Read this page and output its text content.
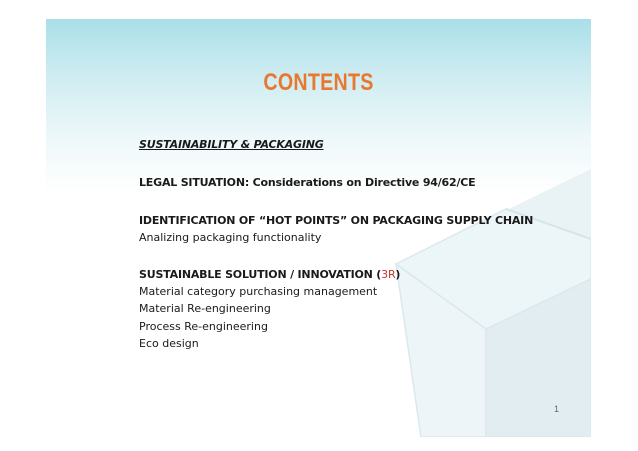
CONTENTS
SUSTAINABILITY & PACKAGING
LEGAL SITUATION: Considerations on Directive 94/62/CE
IDENTIFICATION OF “HOT POINTS” ON PACKAGING SUPPLY CHAIN
Analizing packaging functionality
SUSTAINABLE SOLUTION / INNOVATION (3R)
Material category purchasing management
Material Re-engineering
Process Re-engineering
Eco design
1
